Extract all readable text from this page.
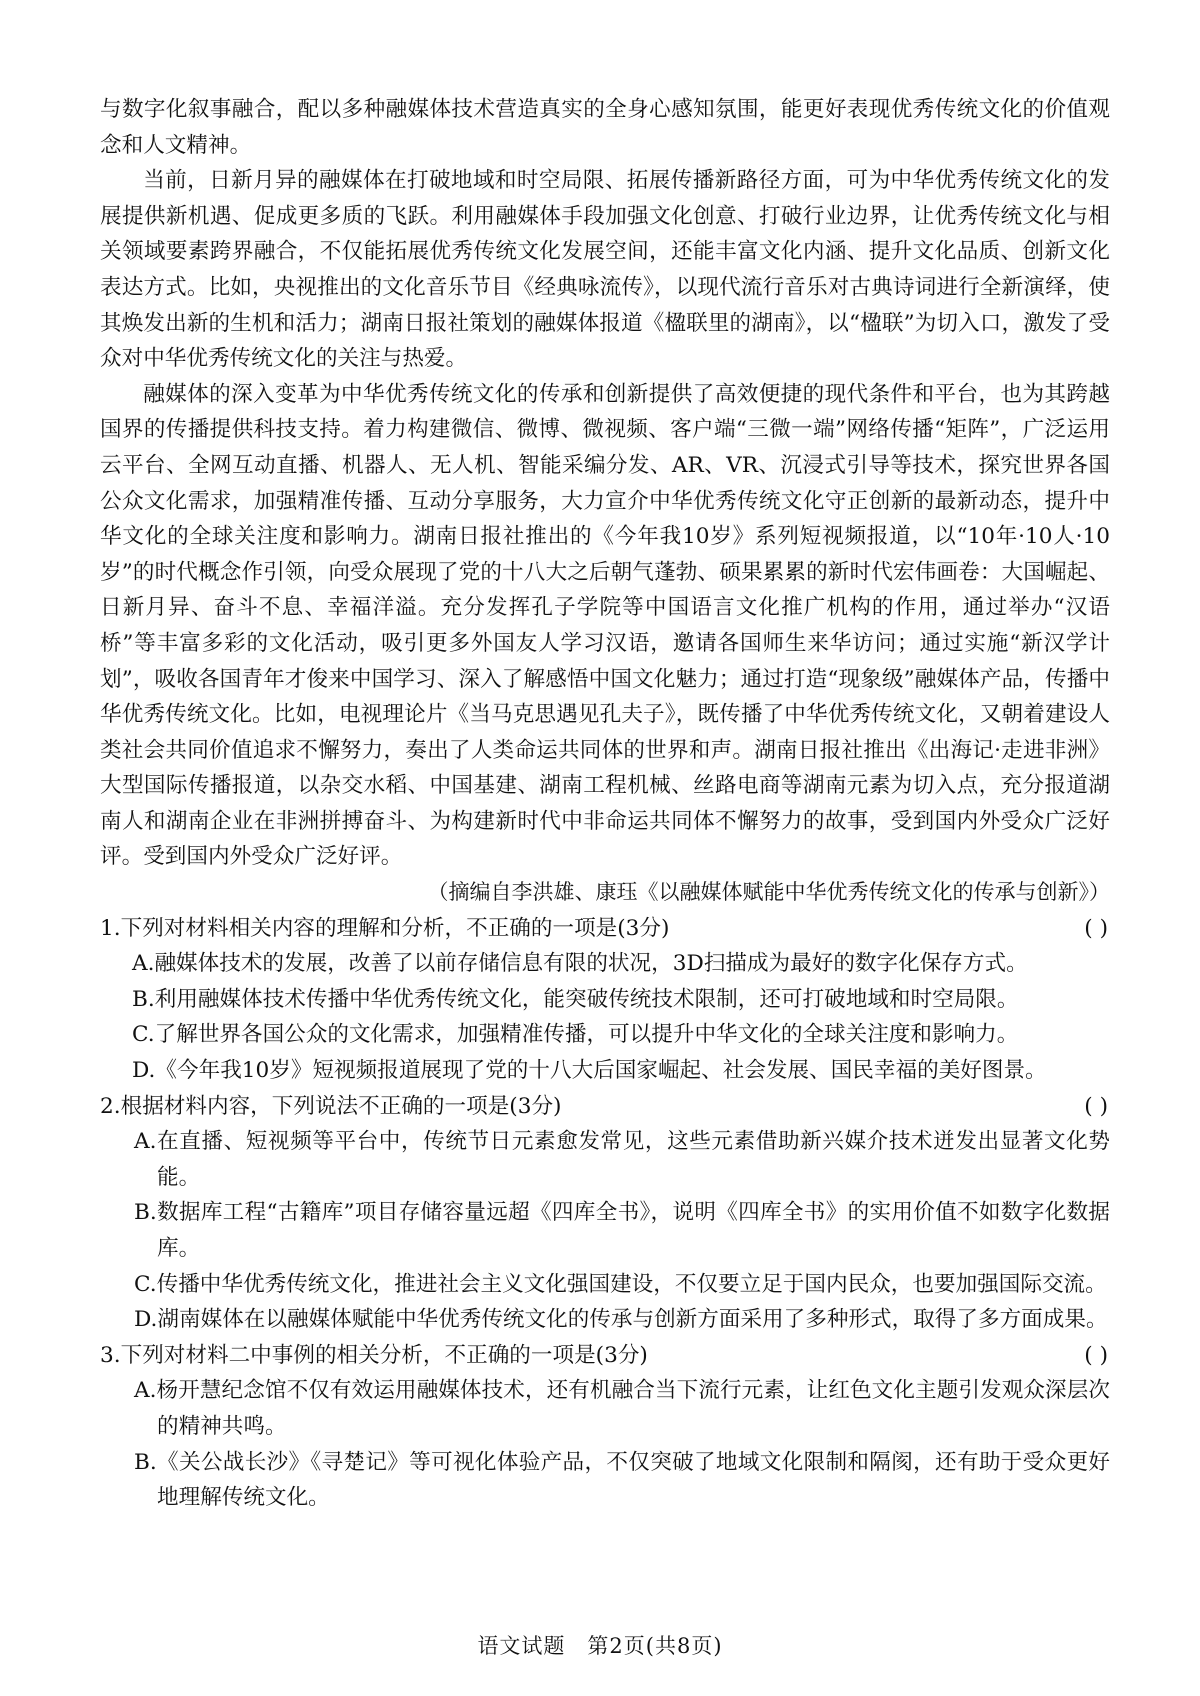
与数字化叙事融合，配以多种融媒体技术营造真实的全身心感知氛围，能更好表现优秀传统文化的价值观念和人文精神。

当前，日新月异的融媒体在打破地域和时空局限、拓展传播新路径方面，可为中华优秀传统文化的发展提供新机遇、促成更多质的飞跃。利用融媒体手段加强文化创意、打破行业边界，让优秀传统文化与相关领域要素跨界融合，不仅能拓展优秀传统文化发展空间，还能丰富文化内涵、提升文化品质、创新文化表达方式。比如，央视推出的文化音乐节目《经典咏流传》，以现代流行音乐对古典诗词进行全新演绎，使其焕发出新的生机和活力；湖南日报社策划的融媒体报道《楹联里的湖南》，以“楹联”为切入口，激发了受众对中华优秀传统文化的关注与热爱。

融媒体的深入变革为中华优秀传统文化的传承和创新提供了高效便捷的现代条件和平台，也为其跨越国界的传播提供科技支持。着力构建微信、微博、微视频、客户端“三微一端”网络传播“矩阵”，广泛运用云平台、全网互动直播、机器人、无人机、智能采编分发、AR、VR、沉浸式引导等技术，探究世界各国公众文化需求，加强精准传播、互动分享服务，大力宣介中华优秀传统文化守正创新的最新动态，提升中华文化的全球关注度和影响力。湖南日报社推出的《今年我10岁》系列短视频报道，以“10年·10人·10岁”的时代概念作引领，向受众展现了党的十八大之后朝气蓬勃、硕果累累的新时代宏伟画卷：大国崛起、日新月异、奋斗不息、幸福洋溢。充分发挥孔子学院等中国语言文化推广机构的作用，通过举办“汉语桥”等丰富多彩的文化活动，吸引更多外国友人学习汉语，邀请各国师生来华访问；通过实施“新汉学计划”，吸收各国青年才俊来中国学习、深入了解感悟中国文化魅力；通过打造“现象级”融媒体产品，传播中华优秀传统文化。比如，电视理论片《当马克思遇见孔夫子》，既传播了中华优秀传统文化，又朝着建设人类社会共同价值追求不懈努力，奏出了人类命运共同体的世界和声。湖南日报社推出《出海记·走进非洲》大型国际传播报道，以杂交水稻、中国基建、湖南工程机械、丝路电商等湖南元素为切入点，充分报道湖南人和湖南企业在非洲拼搏奋斗、为构建新时代中非命运共同体不懈努力的故事，受到国内外受众广泛好评。受到国内外受众广泛好评。

（摘编自李洪雄、康珏《以融媒体赋能中华优秀传统文化的传承与创新》）

1.下列对材料相关内容的理解和分析，不正确的一项是(3分)	( )

A.融媒体技术的发展，改善了以前存储信息有限的状况，3D扫描成为最好的数字化保存方式。

B.利用融媒体技术传播中华优秀传统文化，能突破传统技术限制，还可打破地域和时空局限。

C.了解世界各国公众的文化需求，加强精准传播，可以提升中华文化的全球关注度和影响力。

D.《今年我10岁》短视频报道展现了党的十八大后国家崛起、社会发展、国民幸福的美好图景。

2.根据材料内容，下列说法不正确的一项是(3分)	( )

A.在直播、短视频等平台中，传统节日元素愈发常见，这些元素借助新兴媒介技术迸发出显著文化势能。

B.数据库工程“古籍库”项目存储容量远超《四库全书》，说明《四库全书》的实用价值不如数字化数据库。

C.传播中华优秀传统文化，推进社会主义文化强国建设，不仅要立足于国内民众，也要加强国际交流。

D.湖南媒体在以融媒体赋能中华优秀传统文化的传承与创新方面采用了多种形式，取得了多方面成果。

3.下列对材料二中事例的相关分析，不正确的一项是(3分)	( )

A.杨开慧纪念馆不仅有效运用融媒体技术，还有机融合当下流行元素，让红色文化主题引发观众深层次的精神共鸣。

B.《关公战长沙》《寻楚记》等可视化体验产品，不仅突破了地域文化限制和隔阂，还有助于受众更好地理解传统文化。

语文试题　第2页(共8页)
